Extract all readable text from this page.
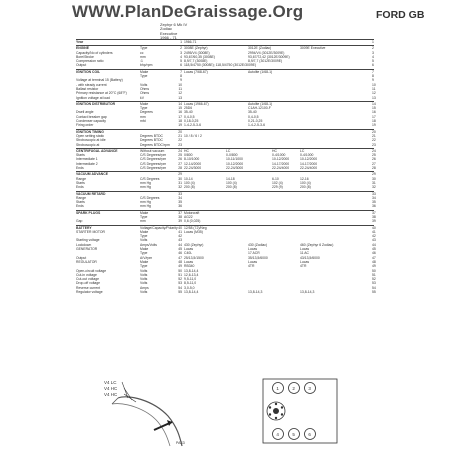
WWW.PlanDeGraissage.Org	FORD GB
Zephyr 6 Mk IV
Zodiac
Executive
1966 - 71
Year	1 1966-71	1
ENGINE	Type	2 3008E (Zephyr)	3012E (Zodiac)	3009E Executive	2
Capacity/No of cylinders	cc	3 2495/V4 (3008E)	2994/V4 (3012E/3009E)	3
Bore/Stroke	mm	4 93,67/60,35 (3008E)	93,67/72,42 (3012E/3009E)	4
Compression ratio	:1	5 8,9/7,7 (3008E)	8,9/7,7 (3012E/3009E)	5
Output	bhp/rpm	6 118,5/4750 (3008E); 118,5/4750 (3012E/3009E)	6
IGNITION COIL	Make	7 Lucas (7/68-67)	Autolite (1/68-1)	7
Type	8	8
Voltage at terminal 15 (Battery)	9	9
- with steady current	Volts	10	10
Ballast resistor	Ohms	11	11
Primary resistance at 20°C (68°F)	Ohms	12	12
Ignition voltage at load	kV	13	13
IGNITION DISTRIBUTOR	Make	14 Lucas (1966-67)	Autolite (1/68-1)	14
Type	15 25D6	C1AH-12100-F	15
Dwell angle	Degrees	16 35-40	35-40	16
Contact breaker gap	mm	17 0,4-0,5	0,4-0,5	17
Condenser capacity	mfd	18 0,18-0,25	0,21-0,25	18
Firing order	19 1-4-2-5-3-6	1-4-2-5-3-6	19
IGNITION TIMING	20	20
Open setting static	Degrees BTDC	21 10 / 8 / 6 / 2	21
Stroboscopic at idle	Degrees BTDC	22	22
Stroboscopic at	Degrees BTDC/rpm	23	23
CENTRIFUGAL ADVANCE	Without vacuum	24 HC	LC	HC	LC	24
Starts	C/S Degrees/rpm	25 0/800	0-0/800	0-4/1000	0-4/1000	25
Intermediate 1	C/S Degrees/rpm	26 8-10/1000	10-11/1000	10-12/2000	10-12/2000	26
Intermediate 2	C/S Degrees/rpm	27 12-14/2000	10-12/2000	14-17/2000	14-17/2000	27
Ends	C/S Degrees/rpm	28 22-24/3000	22-24/3000	22-24/4000	22-24/4000	28
VACUUM ADVANCE	29	29
Range	C/S Degrees	30 10-14	14-18	6-10	12-16	30
Starts	mm Hg	31 100 (4)	100 (4)	102 (4)	100 (4)	31
Ends	mm Hg	32 200 (8)	200 (8)	229 (9)	200 (8)	32
VACUUM RETARD	33	33
Range	C/S Degrees	34	34
Starts	mm Hg	35	35
Ends	mm Hg	36	36
SPARK PLUGS	Make	37 Motorcraft	37
Type	38 AG22	38
Gap	mm	39 0,6 (0,025)	39
BATTERY	Voltage/Capacity/Polarity 40 12/58 (72)/Neg	40
STARTER MOTOR	Make	41 Lucas (M35)	41
Type	42	42
Starting voltage	Volts	43	43
Lockdown	Amps/Volts	44 430 (Zephyr)	430 (Zodiac)	460 (Zephyr 6 Zodiac)	44
GENERATOR	Make	45 Lucas	Lucas	Lucas	45
Type	46 C40L	17 ACR	11 AC	46
Output	A/V/rpm	47 25/13,5/1500	35/13,5/6000	43/13,5/6000	47
REGULATOR	Make	48 Lucas	Lucas	Lucas	48
Type	49 RB340	4TR	4TR	49
Open-circuit voltage	Volts	50 13,8-14,4	50
Cut-in voltage	Volts	51 12,6-13,4	51
Cut-out voltage	Volts	52 9,5-11,0	52
Drop-off voltage	Volts	53 8,5-11,0	53
Reverse current	Amps	54 3,0-5,0	54
Regulator voltage	Volts	55 13,8-14,4	13,8-14,3	13,8-14,3	55
V4 LC
V4 HC
V4 HC
PAS3
1	2	3
4	5	6
